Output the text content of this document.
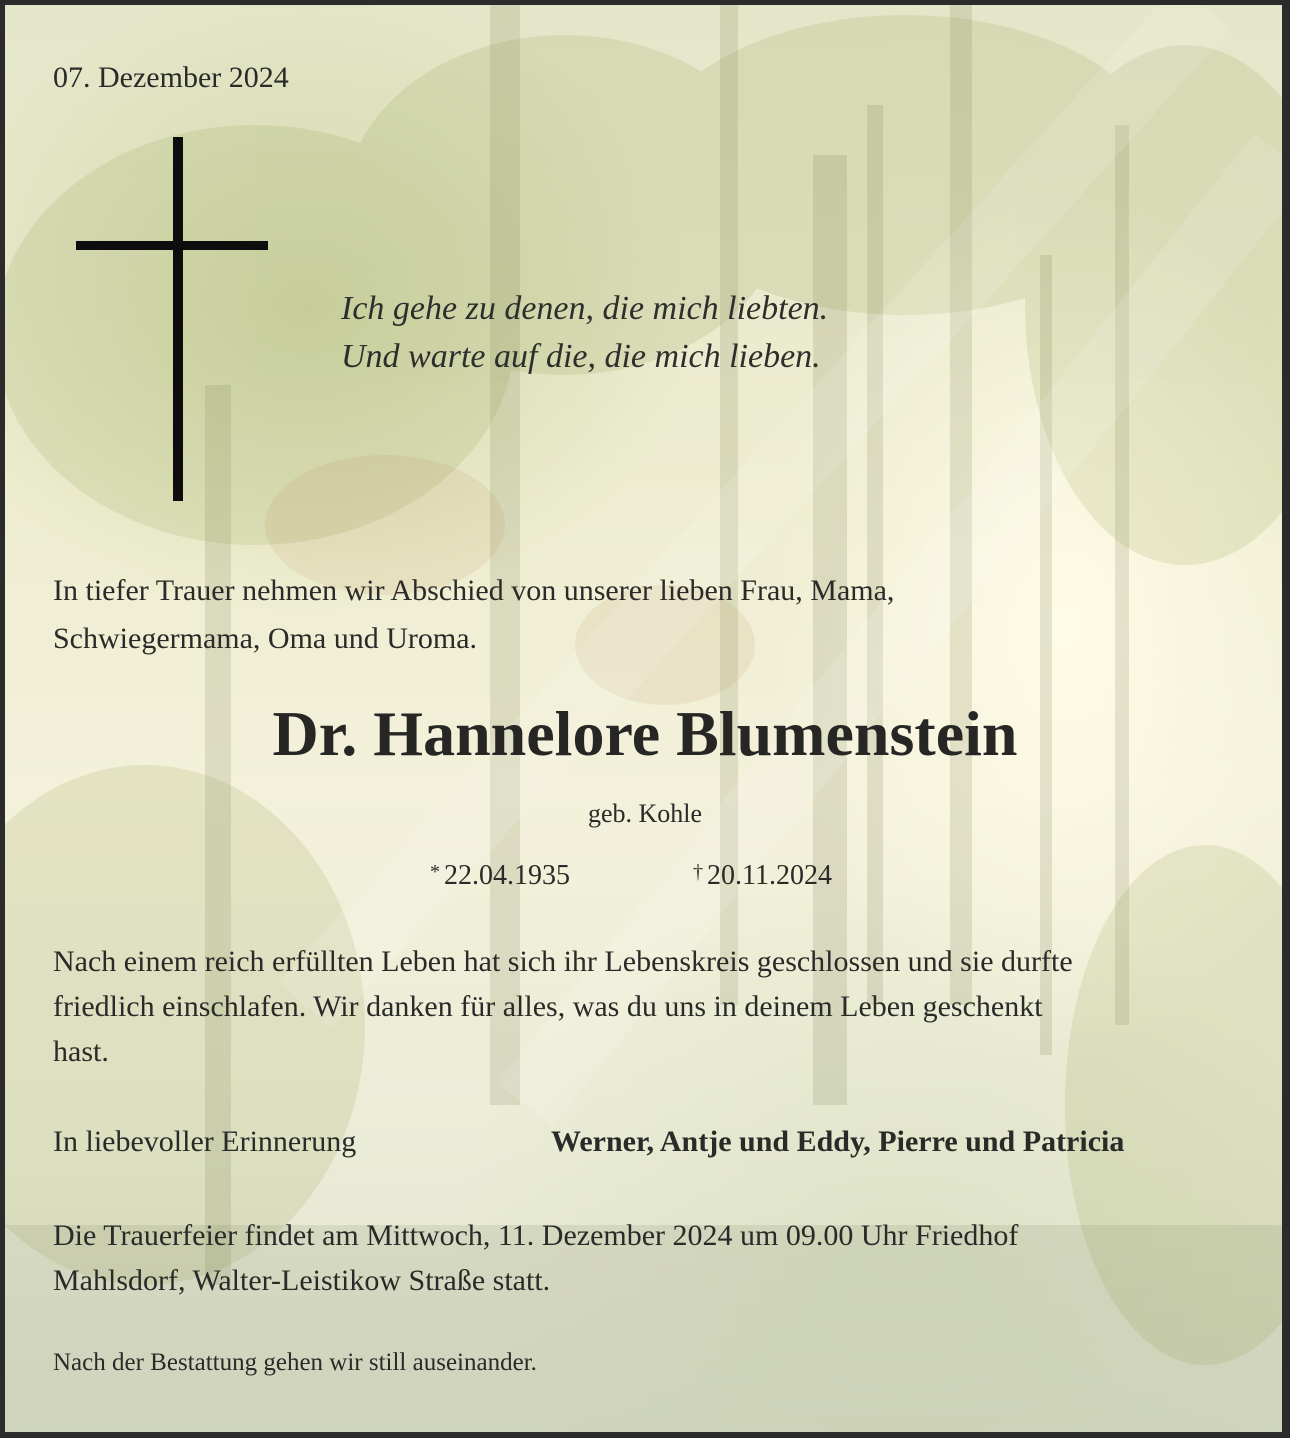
07. Dezember 2024
Ich gehe zu denen, die mich liebten.
Und warte auf die, die mich lieben.
In tiefer Trauer nehmen wir Abschied von unserer lieben Frau, Mama,
Schwiegermama, Oma und Uroma.
Dr. Hannelore Blumenstein
geb. Kohle
* 22.04.1935	† 20.11.2024
Nach einem reich erfüllten Leben hat sich ihr Lebenskreis geschlossen und sie durfte
friedlich einschlafen. Wir danken für alles, was du uns in deinem Leben geschenkt
hast.
In liebevoller Erinnerung	Werner, Antje und Eddy, Pierre und Patricia
Die Trauerfeier findet am Mittwoch, 11. Dezember 2024 um 09.00 Uhr Friedhof
Mahlsdorf, Walter-Leistikow Straße statt.
Nach der Bestattung gehen wir still auseinander.
